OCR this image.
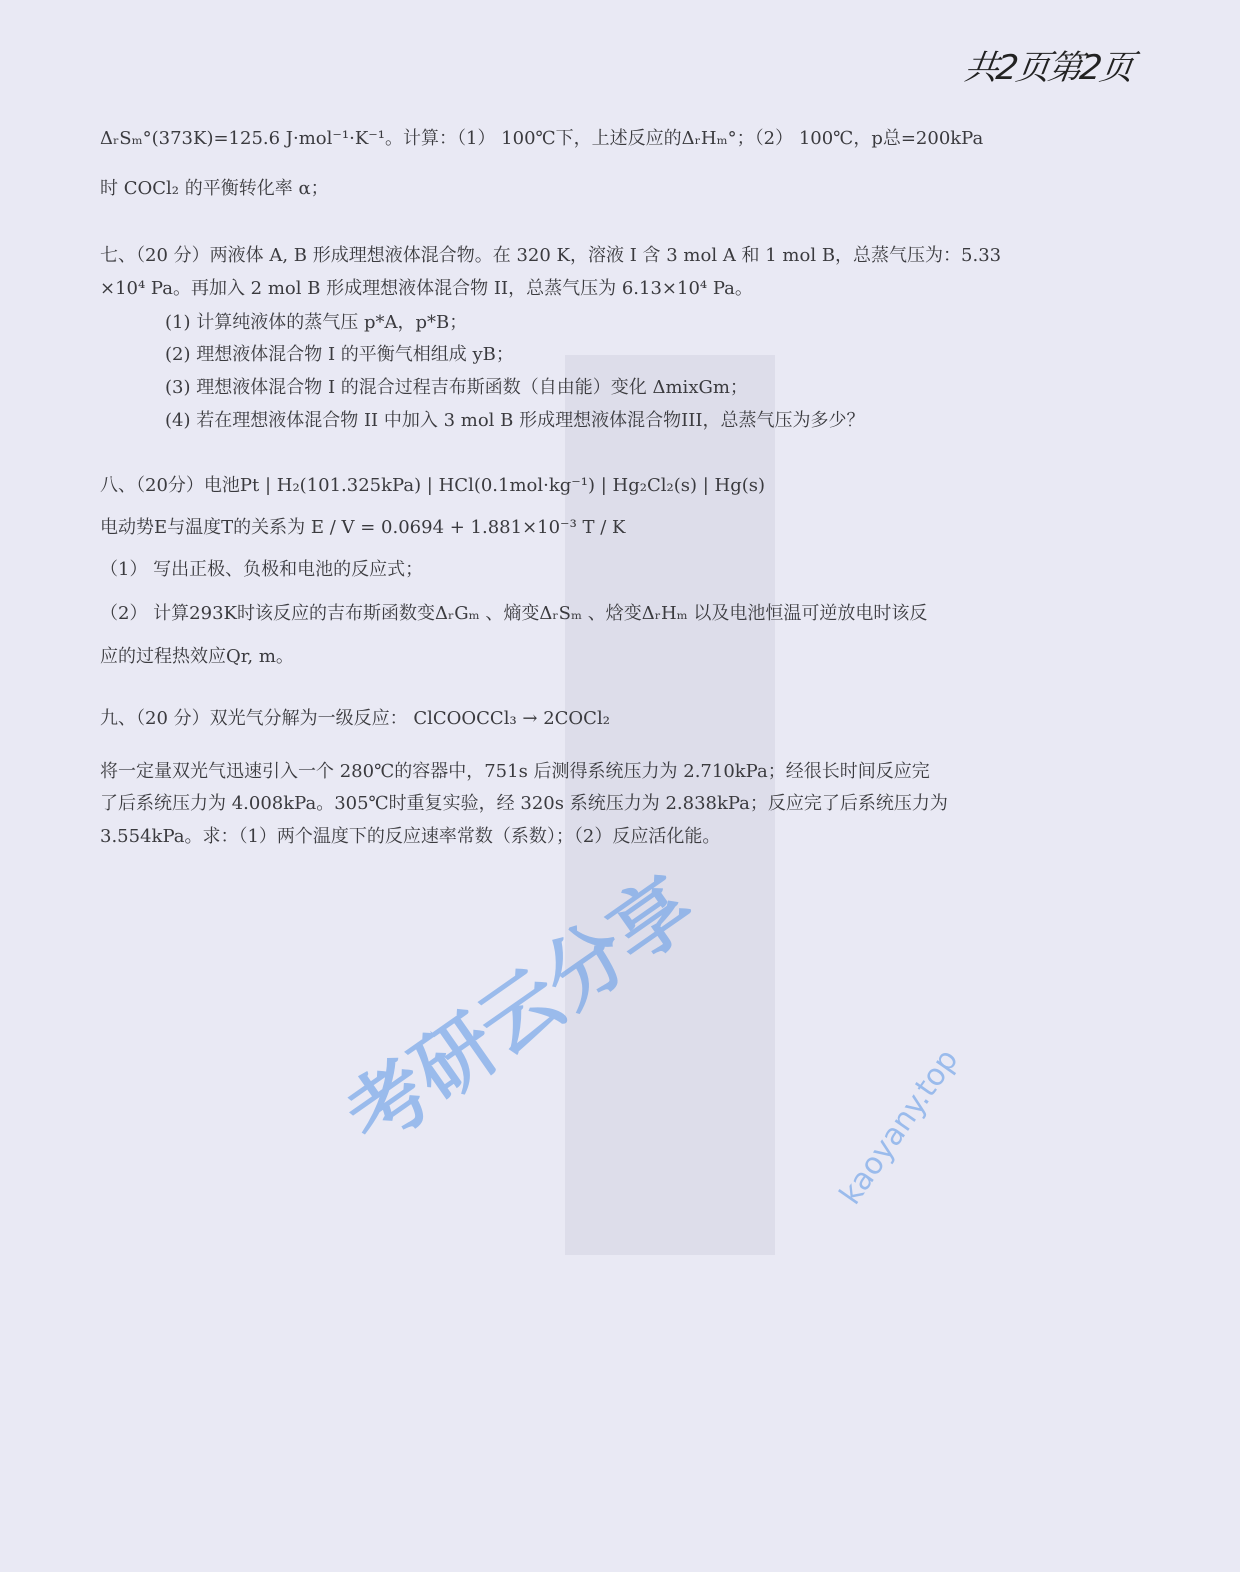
共2页第2页
ΔᵣSₘ°(373K)=125.6 J·mol⁻¹·K⁻¹。计算：（1） 100℃下，上述反应的ΔᵣHₘ°；（2） 100℃，p总=200kPa
时 COCl₂ 的平衡转化率 α；
七、（20 分）两液体 A, B 形成理想液体混合物。在 320 K，溶液 I 含 3 mol A 和 1 mol B，总蒸气压为：5.33
×10⁴ Pa。再加入 2 mol B 形成理想液体混合物 II，总蒸气压为 6.13×10⁴ Pa。
(1) 计算纯液体的蒸气压 p*A，p*B；
(2) 理想液体混合物 I 的平衡气相组成 yB；
(3) 理想液体混合物 I 的混合过程吉布斯函数（自由能）变化 ΔmixGm；
(4) 若在理想液体混合物 II 中加入 3 mol B 形成理想液体混合物III，总蒸气压为多少？
八、（20分）电池Pt | H₂(101.325kPa) | HCl(0.1mol·kg⁻¹) | Hg₂Cl₂(s) | Hg(s)
电动势E与温度T的关系为 E / V = 0.0694 + 1.881×10⁻³ T / K
（1） 写出正极、负极和电池的反应式；
（2） 计算293K时该反应的吉布斯函数变ΔᵣGₘ 、熵变ΔᵣSₘ 、焓变ΔᵣHₘ 以及电池恒温可逆放电时该反
应的过程热效应Qr, m。
九、（20 分）双光气分解为一级反应： ClCOOCCl₃ → 2COCl₂
将一定量双光气迅速引入一个 280℃的容器中，751s 后测得系统压力为 2.710kPa；经很长时间反应完
了后系统压力为 4.008kPa。305℃时重复实验，经 320s 系统压力为 2.838kPa；反应完了后系统压力为
3.554kPa。求：（1）两个温度下的反应速率常数（系数）；（2）反应活化能。
考研云分享	kaoyany.top
